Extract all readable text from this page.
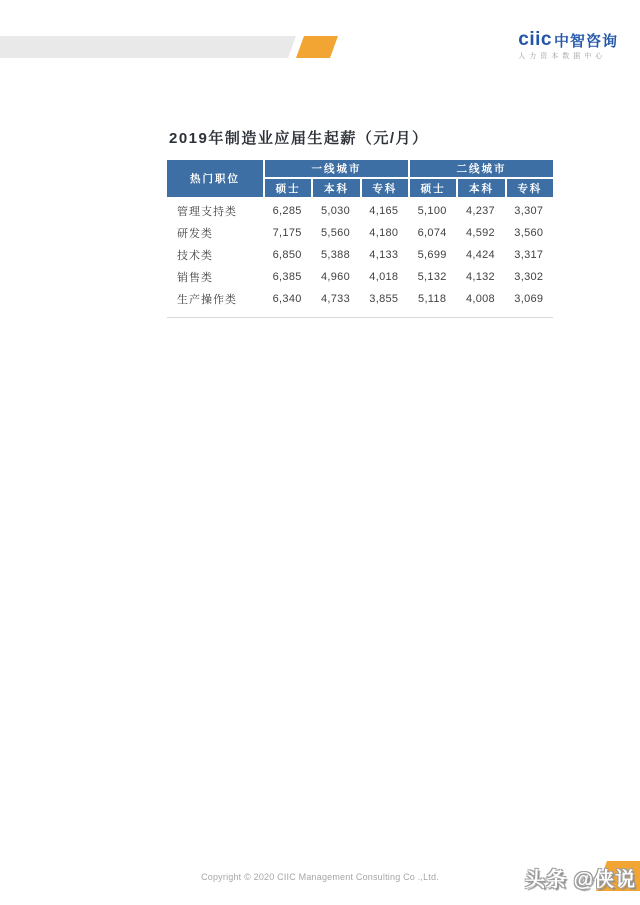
ciic 中智咨询
人力资本数据中心
2019年制造业应届生起薪（元/月）
热门职位	一线城市			二线城市		
	硕士	本科	专科	硕士	本科	专科
管理支持类	6,285	5,030	4,165	5,100	4,237	3,307
研发类	7,175	5,560	4,180	6,074	4,592	3,560
技术类	6,850	5,388	4,133	5,699	4,424	3,317
销售类	6,385	4,960	4,018	5,132	4,132	3,302
生产操作类	6,340	4,733	3,855	5,118	4,008	3,069
Copyright © 2020 CIIC Management Consulting Co .,Ltd.	头条 @侠说
